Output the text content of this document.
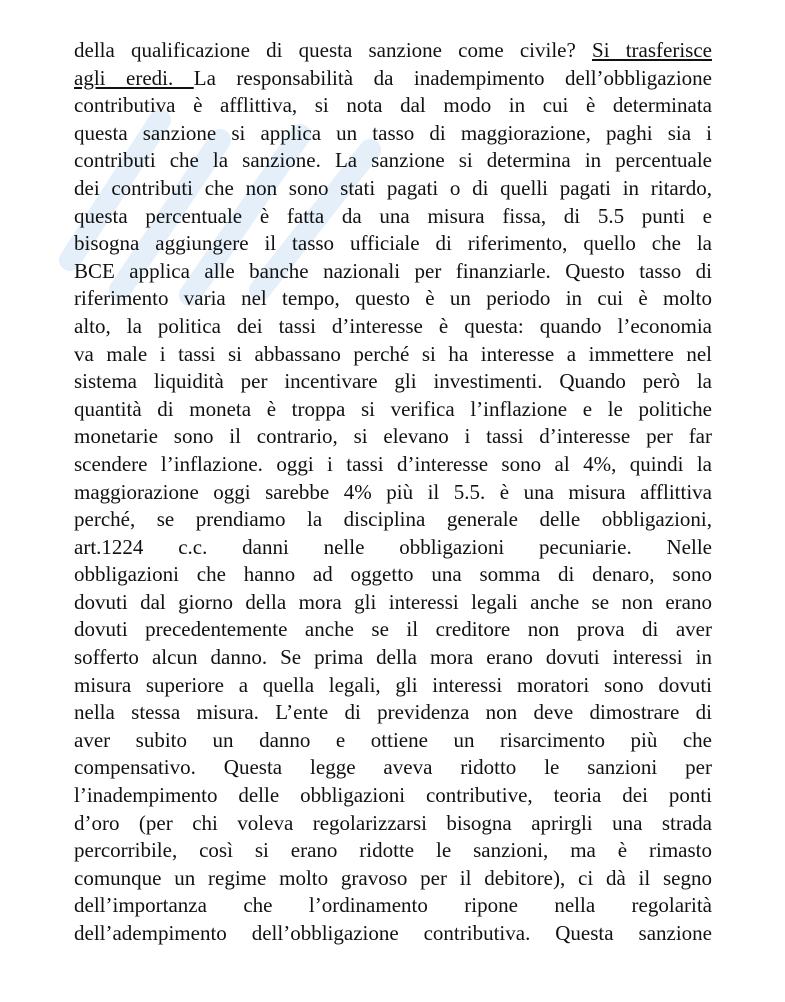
della qualificazione di questa sanzione come civile? Si trasferisce
agli eredi. La responsabilità da inadempimento dell’obbligazione
contributiva è afflittiva, si nota dal modo in cui è determinata
questa sanzione si applica un tasso di maggiorazione, paghi sia i
contributi che la sanzione. La sanzione si determina in percentuale
dei contributi che non sono stati pagati o di quelli pagati in ritardo,
questa percentuale è fatta da una misura fissa, di 5.5 punti e
bisogna aggiungere il tasso ufficiale di riferimento, quello che la
BCE applica alle banche nazionali per finanziarle. Questo tasso di
riferimento varia nel tempo, questo è un periodo in cui è molto
alto, la politica dei tassi d’interesse è questa: quando l’economia
va male i tassi si abbassano perché si ha interesse a immettere nel
sistema liquidità per incentivare gli investimenti. Quando però la
quantità di moneta è troppa si verifica l’inflazione e le politiche
monetarie sono il contrario, si elevano i tassi d’interesse per far
scendere l’inflazione. oggi i tassi d’interesse sono al 4%, quindi la
maggiorazione oggi sarebbe 4% più il 5.5. è una misura afflittiva
perché, se prendiamo la disciplina generale delle obbligazioni,
art.1224 c.c. danni nelle obbligazioni pecuniarie. Nelle
obbligazioni che hanno ad oggetto una somma di denaro, sono
dovuti dal giorno della mora gli interessi legali anche se non erano
dovuti precedentemente anche se il creditore non prova di aver
sofferto alcun danno. Se prima della mora erano dovuti interessi in
misura superiore a quella legali, gli interessi moratori sono dovuti
nella stessa misura. L’ente di previdenza non deve dimostrare di
aver subito un danno e ottiene un risarcimento più che
compensativo. Questa legge aveva ridotto le sanzioni per
l’inadempimento delle obbligazioni contributive, teoria dei ponti
d’oro (per chi voleva regolarizzarsi bisogna aprirgli una strada
percorribile, così si erano ridotte le sanzioni, ma è rimasto
comunque un regime molto gravoso per il debitore), ci dà il segno
dell’importanza che l’ordinamento ripone nella regolarità
dell’adempimento dell’obbligazione contributiva. Questa sanzione
